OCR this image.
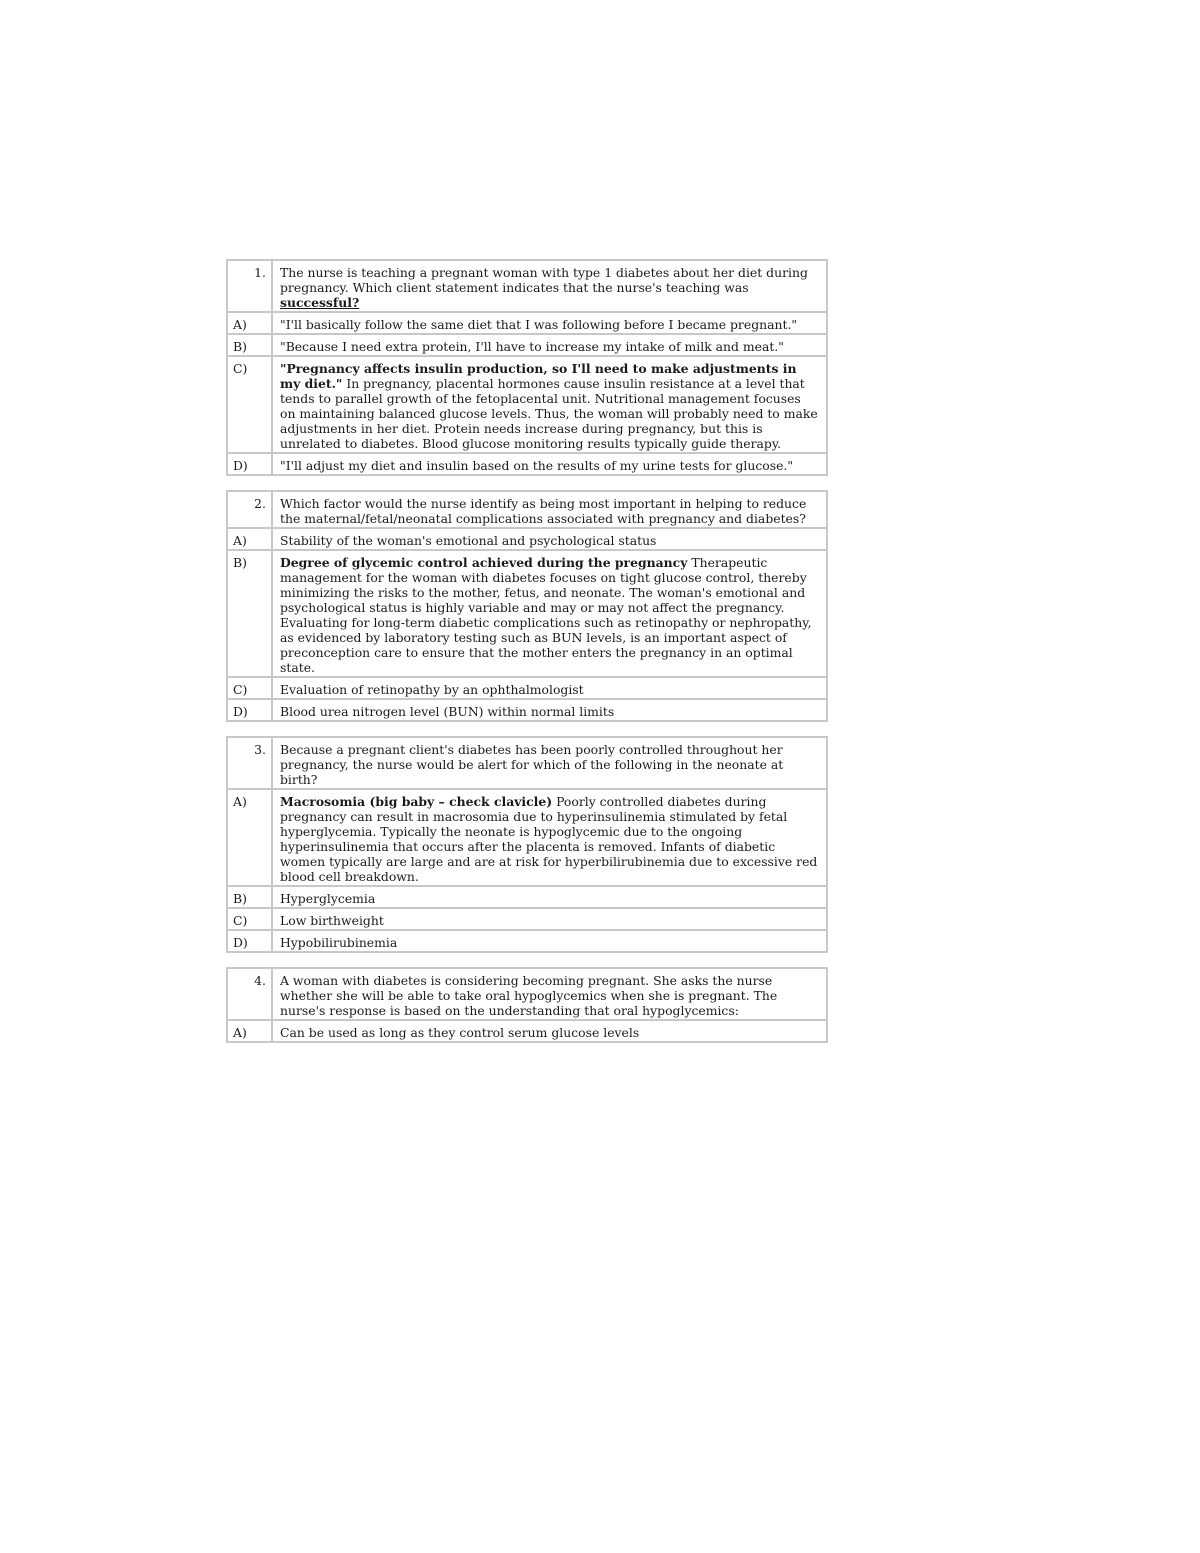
1.	The nurse is teaching a pregnant woman with type 1 diabetes about her diet during pregnancy. Which client statement indicates that the nurse's teaching was successful?
A)	"I'll basically follow the same diet that I was following before I became pregnant."
B)	"Because I need extra protein, I'll have to increase my intake of milk and meat."
C)	"Pregnancy affects insulin production, so I'll need to make adjustments in my diet." In pregnancy, placental hormones cause insulin resistance at a level that tends to parallel growth of the fetoplacental unit. Nutritional management focuses on maintaining balanced glucose levels. Thus, the woman will probably need to make adjustments in her diet. Protein needs increase during pregnancy, but this is unrelated to diabetes. Blood glucose monitoring results typically guide therapy.
D)	"I'll adjust my diet and insulin based on the results of my urine tests for glucose."
2.	Which factor would the nurse identify as being most important in helping to reduce the maternal/fetal/neonatal complications associated with pregnancy and diabetes?
A)	Stability of the woman's emotional and psychological status
B)	Degree of glycemic control achieved during the pregnancy Therapeutic management for the woman with diabetes focuses on tight glucose control, thereby minimizing the risks to the mother, fetus, and neonate. The woman's emotional and psychological status is highly variable and may or may not affect the pregnancy. Evaluating for long-term diabetic complications such as retinopathy or nephropathy, as evidenced by laboratory testing such as BUN levels, is an important aspect of preconception care to ensure that the mother enters the pregnancy in an optimal state.
C)	Evaluation of retinopathy by an ophthalmologist
D)	Blood urea nitrogen level (BUN) within normal limits
3.	Because a pregnant client's diabetes has been poorly controlled throughout her pregnancy, the nurse would be alert for which of the following in the neonate at birth?
A)	Macrosomia (big baby – check clavicle) Poorly controlled diabetes during pregnancy can result in macrosomia due to hyperinsulinemia stimulated by fetal hyperglycemia. Typically the neonate is hypoglycemic due to the ongoing hyperinsulinemia that occurs after the placenta is removed. Infants of diabetic women typically are large and are at risk for hyperbilirubinemia due to excessive red blood cell breakdown.
B)	Hyperglycemia
C)	Low birthweight
D)	Hypobilirubinemia
4.	A woman with diabetes is considering becoming pregnant. She asks the nurse whether she will be able to take oral hypoglycemics when she is pregnant. The nurse's response is based on the understanding that oral hypoglycemics:
A)	Can be used as long as they control serum glucose levels
